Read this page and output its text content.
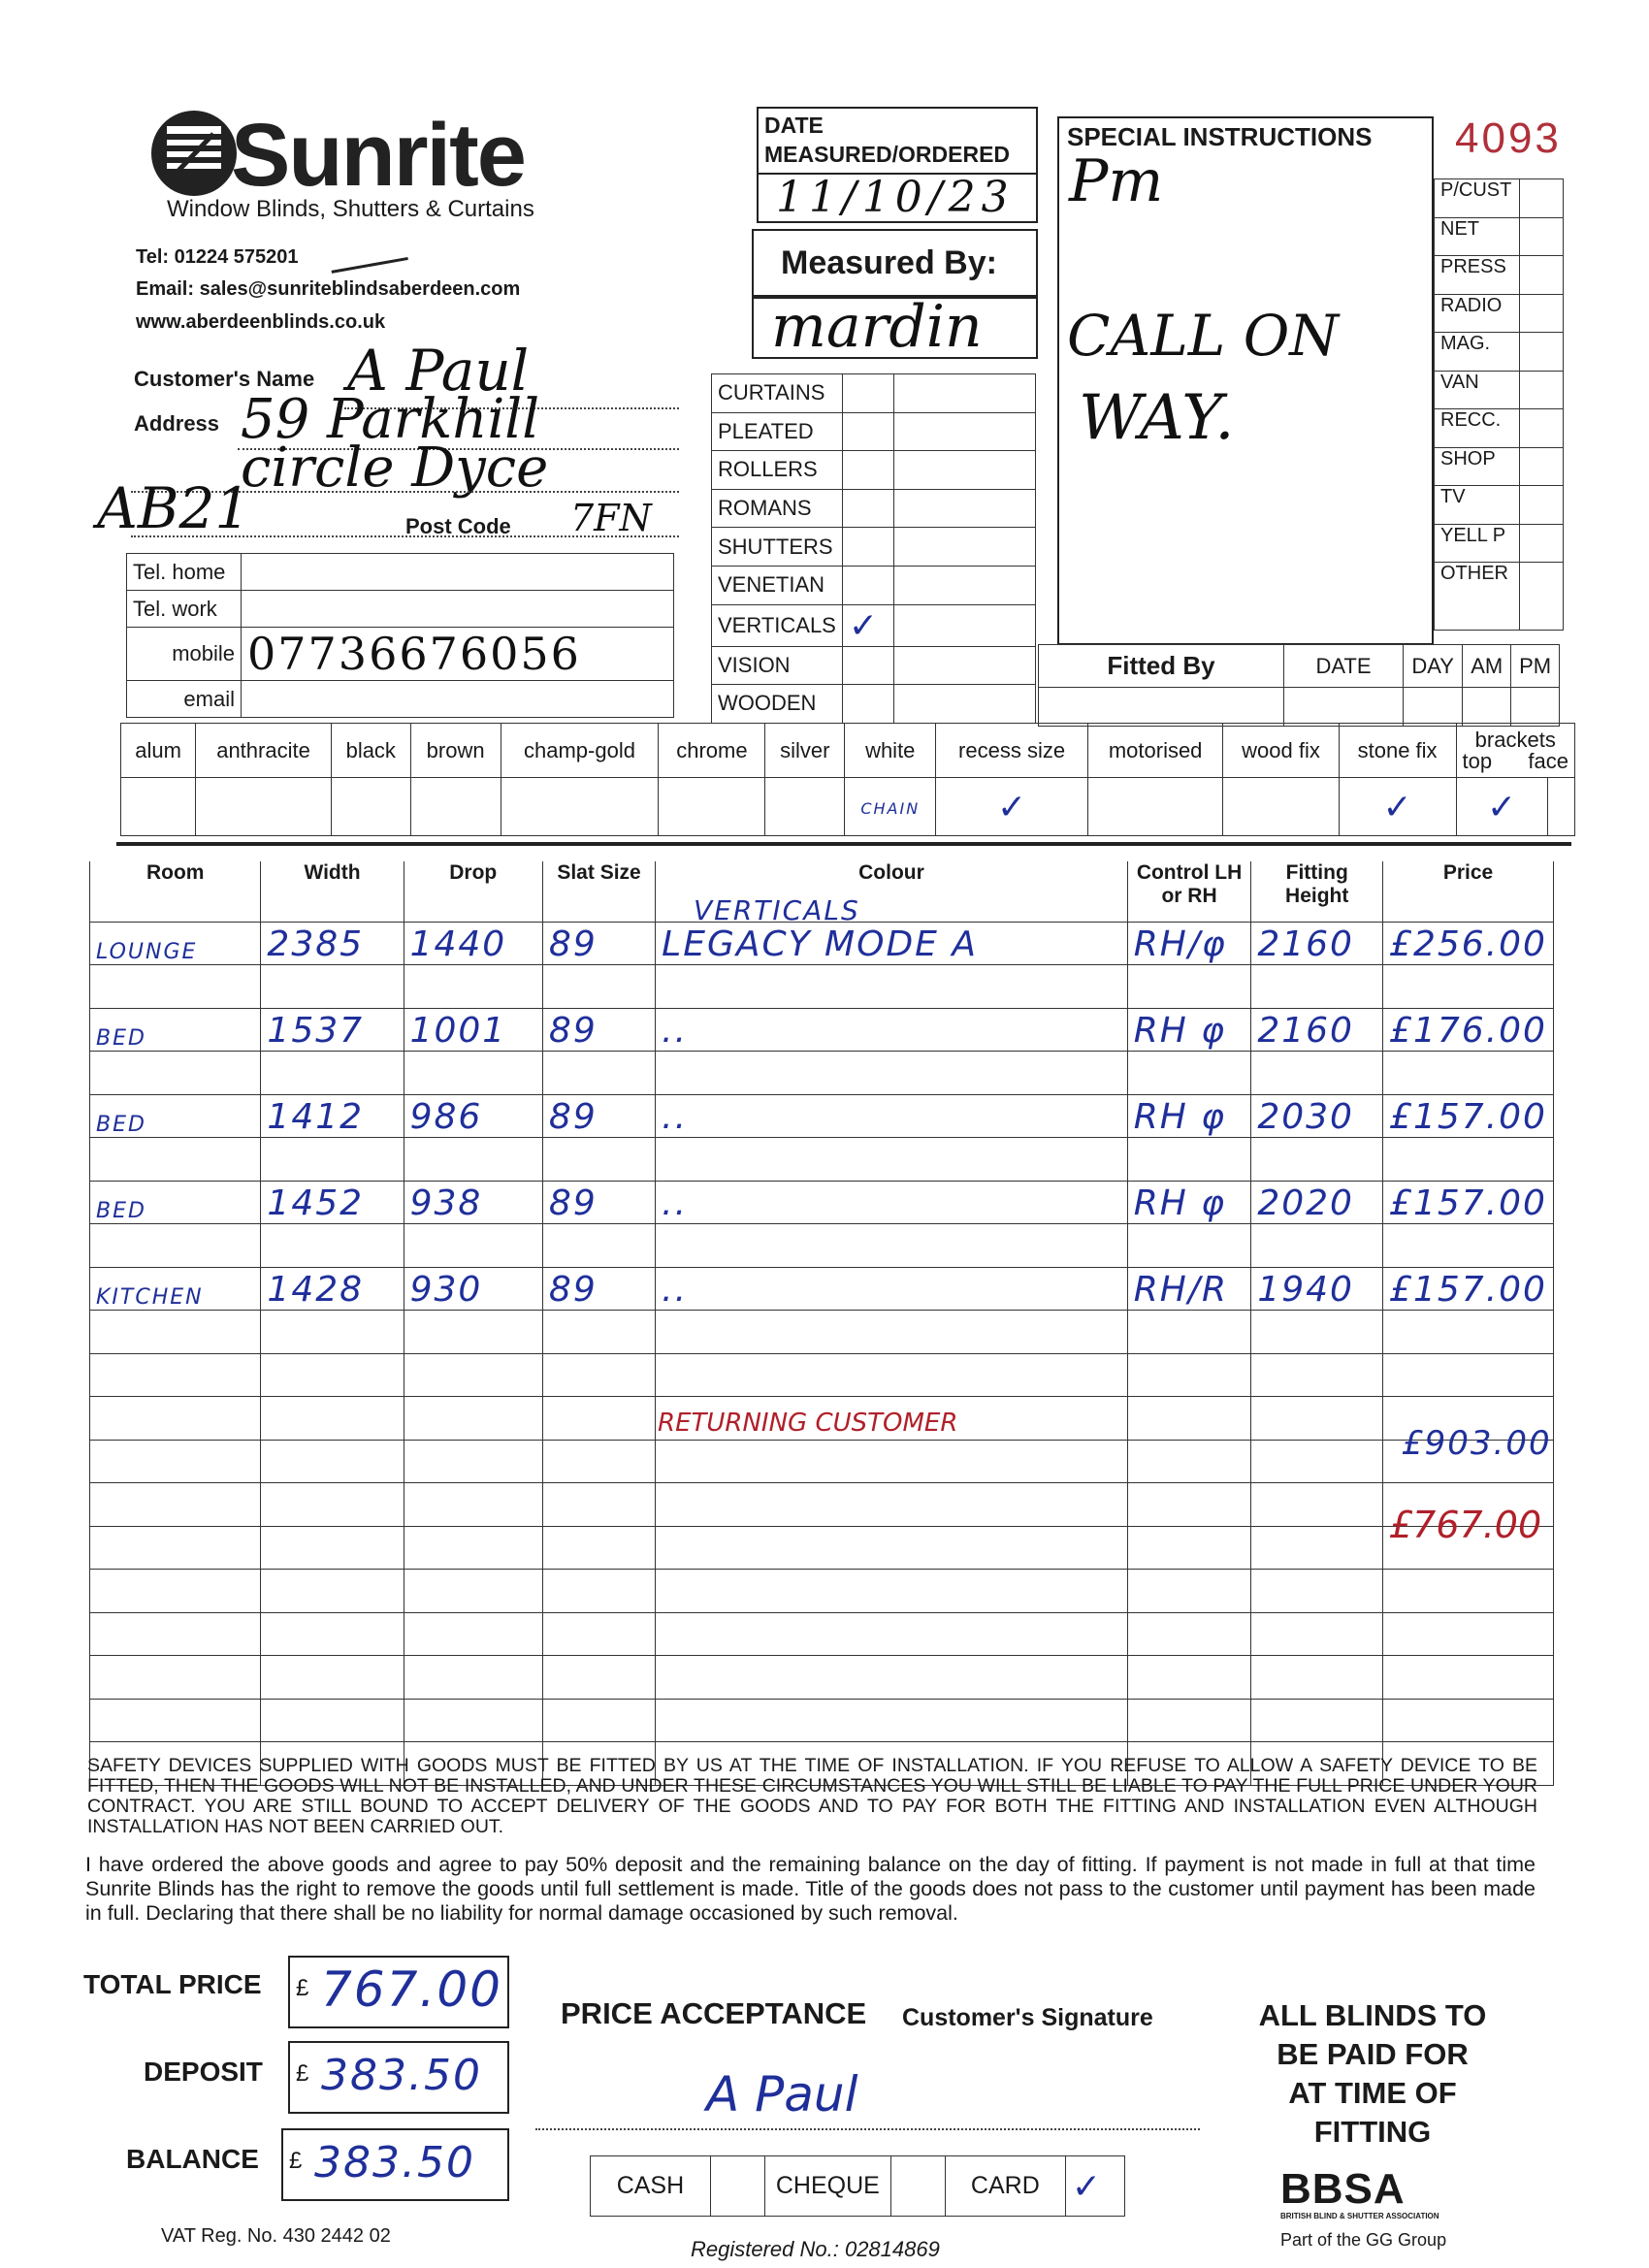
Sunrite
Window Blinds, Shutters & Curtains
Tel: 01224 575201
Email: sales@sunriteblindsaberdeen.com
www.aberdeenblinds.co.uk
Customer's Name A Paul
Address 59 Parkhill
circle Dyce
AB21	Post Code 7FN
Tel. home	
Tel. work	
mobile	07736676056
email	
DATE
MEASURED/ORDERED
11/10/23
Measured By:
mardin
CURTAINS		
PLEATED		
ROLLERS		
ROMANS		
SHUTTERS		
VENETIAN		
VERTICALS	✓	
VISION		
WOODEN		
SPECIAL INSTRUCTIONS
Pm
CALL ON
WAY.
4093
P/CUST	
NET	
PRESS	
RADIO	
MAG.	
VAN	
RECC.	
SHOP	
TV	
YELL P	
OTHER	
Fitted By	DATE	DAY	AM	PM

alum	anthracite	black	brown	champ-gold	chrome	silver	white	recess size	motorised	wood fix	stone fix	brackets
top face	

							CHAIN	✓			✓	✓	
Room	Width	Drop	Slat Size	Colour	Control LH or RH	Fitting Height	Price
LOUNGE	2385	1440	89	LEGACY MODE A	RH/φ	2160	£256.00

BED	1537	1001	89	..	RH φ	2160	£176.00

BED	1412	986	89	..	RH φ	2030	£157.00

BED	1452	938	89	..	RH φ	2020	£157.00

KITCHEN	1428	930	89	..	RH/R	1940	£157.00

VERTICALS
RETURNING CUSTOMER
£903.00
£767.00
SAFETY DEVICES SUPPLIED WITH GOODS MUST BE FITTED BY US AT THE TIME OF INSTALLATION. IF YOU REFUSE TO ALLOW A SAFETY DEVICE TO BE FITTED, THEN THE GOODS WILL NOT BE INSTALLED, AND UNDER THESE CIRCUMSTANCES YOU WILL STILL BE LIABLE TO PAY THE FULL PRICE UNDER YOUR CONTRACT. YOU ARE STILL BOUND TO ACCEPT DELIVERY OF THE GOODS AND TO PAY FOR BOTH THE FITTING AND INSTALLATION EVEN ALTHOUGH INSTALLATION HAS NOT BEEN CARRIED OUT.
I have ordered the above goods and agree to pay 50% deposit and the remaining balance on the day of fitting. If payment is not made in full at that time Sunrite Blinds has the right to remove the goods until full settlement is made. Title of the goods does not pass to the customer until payment has been made in full. Declaring that there shall be no liability for normal damage occasioned by such removal.
TOTAL PRICE £ 767.00
DEPOSIT £ 383.50
BALANCE £ 383.50
PRICE ACCEPTANCE Customer's Signature
A Paul
CASH		CHEQUE		CARD	✓
ALL BLINDS TO
BE PAID FOR
AT TIME OF
FITTING
BBSA
BRITISH BLIND & SHUTTER ASSOCIATION
Part of the GG Group
VAT Reg. No. 430 2442 02
Registered No.: 02814869
